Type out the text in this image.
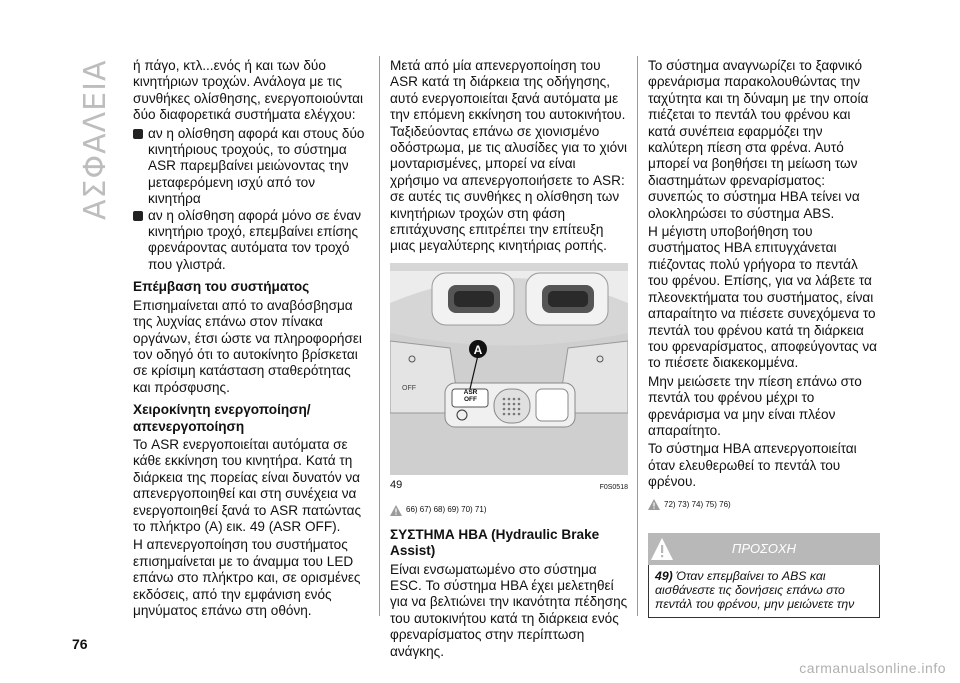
ΑΣΦΑΛΕΙΑ
76

ή πάγο, κτλ...ενός ή και των δύο κινητήριων τροχών. Ανάλογα με τις συνθήκες ολίσθησης, ενεργοποιούνται δύο διαφορετικά συστήματα ελέγχου:

αν η ολίσθηση αφορά και στους δύο κινητήριους τροχούς, το σύστημα ASR παρεμβαίνει μειώνοντας την μεταφερόμενη ισχύ από τον κινητήρα
αν η ολίσθηση αφορά μόνο σε έναν κινητήριο τροχό, επεμβαίνει επίσης φρενάροντας αυτόματα τον τροχό που γλιστρά.
Επέμβαση του συστήματος

Επισημαίνεται από το αναβόσβησμα της λυχνίας επάνω στον πίνακα οργάνων, έτσι ώστε να πληροφορήσει τον οδηγό ότι το αυτοκίνητο βρίσκεται σε κρίσιμη κατάσταση σταθερότητας και πρόσφυσης.

Χειροκίνητη ενεργοποίηση/απενεργοποίηση

Το ASR ενεργοποιείται αυτόματα σε κάθε εκκίνηση του κινητήρα. Κατά τη διάρκεια της πορείας είναι δυνατόν να απενεργοποιηθεί και στη συνέχεια να ενεργοποιηθεί ξανά το ASR πατώντας το πλήκτρο (A) εικ. 49 (ASR OFF).

Η απενεργοποίηση του συστήματος επισημαίνεται με το άναμμα του LED επάνω στο πλήκτρο και, σε ορισμένες εκδόσεις, από την εμφάνιση ενός μηνύματος επάνω στη οθόνη.

Μετά από μία απενεργοποίηση του ASR κατά τη διάρκεια της οδήγησης, αυτό ενεργοποιείται ξανά αυτόματα με την επόμενη εκκίνηση του αυτοκινήτου. Ταξιδεύοντας επάνω σε χιονισμένο οδόστρωμα, με τις αλυσίδες για το χιόνι μονταρισμένες, μπορεί να είναι χρήσιμο να απενεργοποιήσετε το ASR: σε αυτές τις συνθήκες η ολίσθηση των κινητήριων τροχών στη φάση επιτάχυνσης επιτρέπει την επίτευξη μιας μεγαλύτερης κινητήριας ροπής.

A
ASR
OFF
OFF
49	F0S0518
66) 67) 68) 69) 70) 71)
ΣΥΣΤΗΜΑ HBA (Hydraulic Brake Assist)

Είναι ενσωματωμένο στο σύστημα ESC. Το σύστημα HBA έχει μελετηθεί για να βελτιώνει την ικανότητα πέδησης του αυτοκινήτου κατά τη διάρκεια ενός φρεναρίσματος στην περίπτωση ανάγκης.

Το σύστημα αναγνωρίζει το ξαφνικό φρενάρισμα παρακολουθώντας την ταχύτητα και τη δύναμη με την οποία πιέζεται το πεντάλ του φρένου και κατά συνέπεια εφαρμόζει την καλύτερη πίεση στα φρένα. Αυτό μπορεί να βοηθήσει τη μείωση των διαστημάτων φρεναρίσματος: συνεπώς το σύστημα HBA τείνει να ολοκληρώσει το σύστημα ABS.

Η μέγιστη υποβοήθηση του συστήματος HBA επιτυγχάνεται πιέζοντας πολύ γρήγορα το πεντάλ του φρένου. Επίσης, για να λάβετε τα πλεονεκτήματα του συστήματος, είναι απαραίτητο να πιέσετε συνεχόμενα το πεντάλ του φρένου κατά τη διάρκεια του φρεναρίσματος, αποφεύγοντας να το πιέσετε διακεκομμένα.

Μην μειώσετε την πίεση επάνω στο πεντάλ του φρένου μέχρι το φρενάρισμα να μην είναι πλέον απαραίτητο.

Το σύστημα HBA απενεργοποιείται όταν ελευθερωθεί το πεντάλ του φρένου.

72) 73) 74) 75) 76)
ΠΡΟΣΟΧΗ
49) Όταν επεμβαίνει το ABS και αισθάνεστε τις δονήσεις επάνω στο πεντάλ του φρένου, μην μειώνετε την
carmanualsonline.info
